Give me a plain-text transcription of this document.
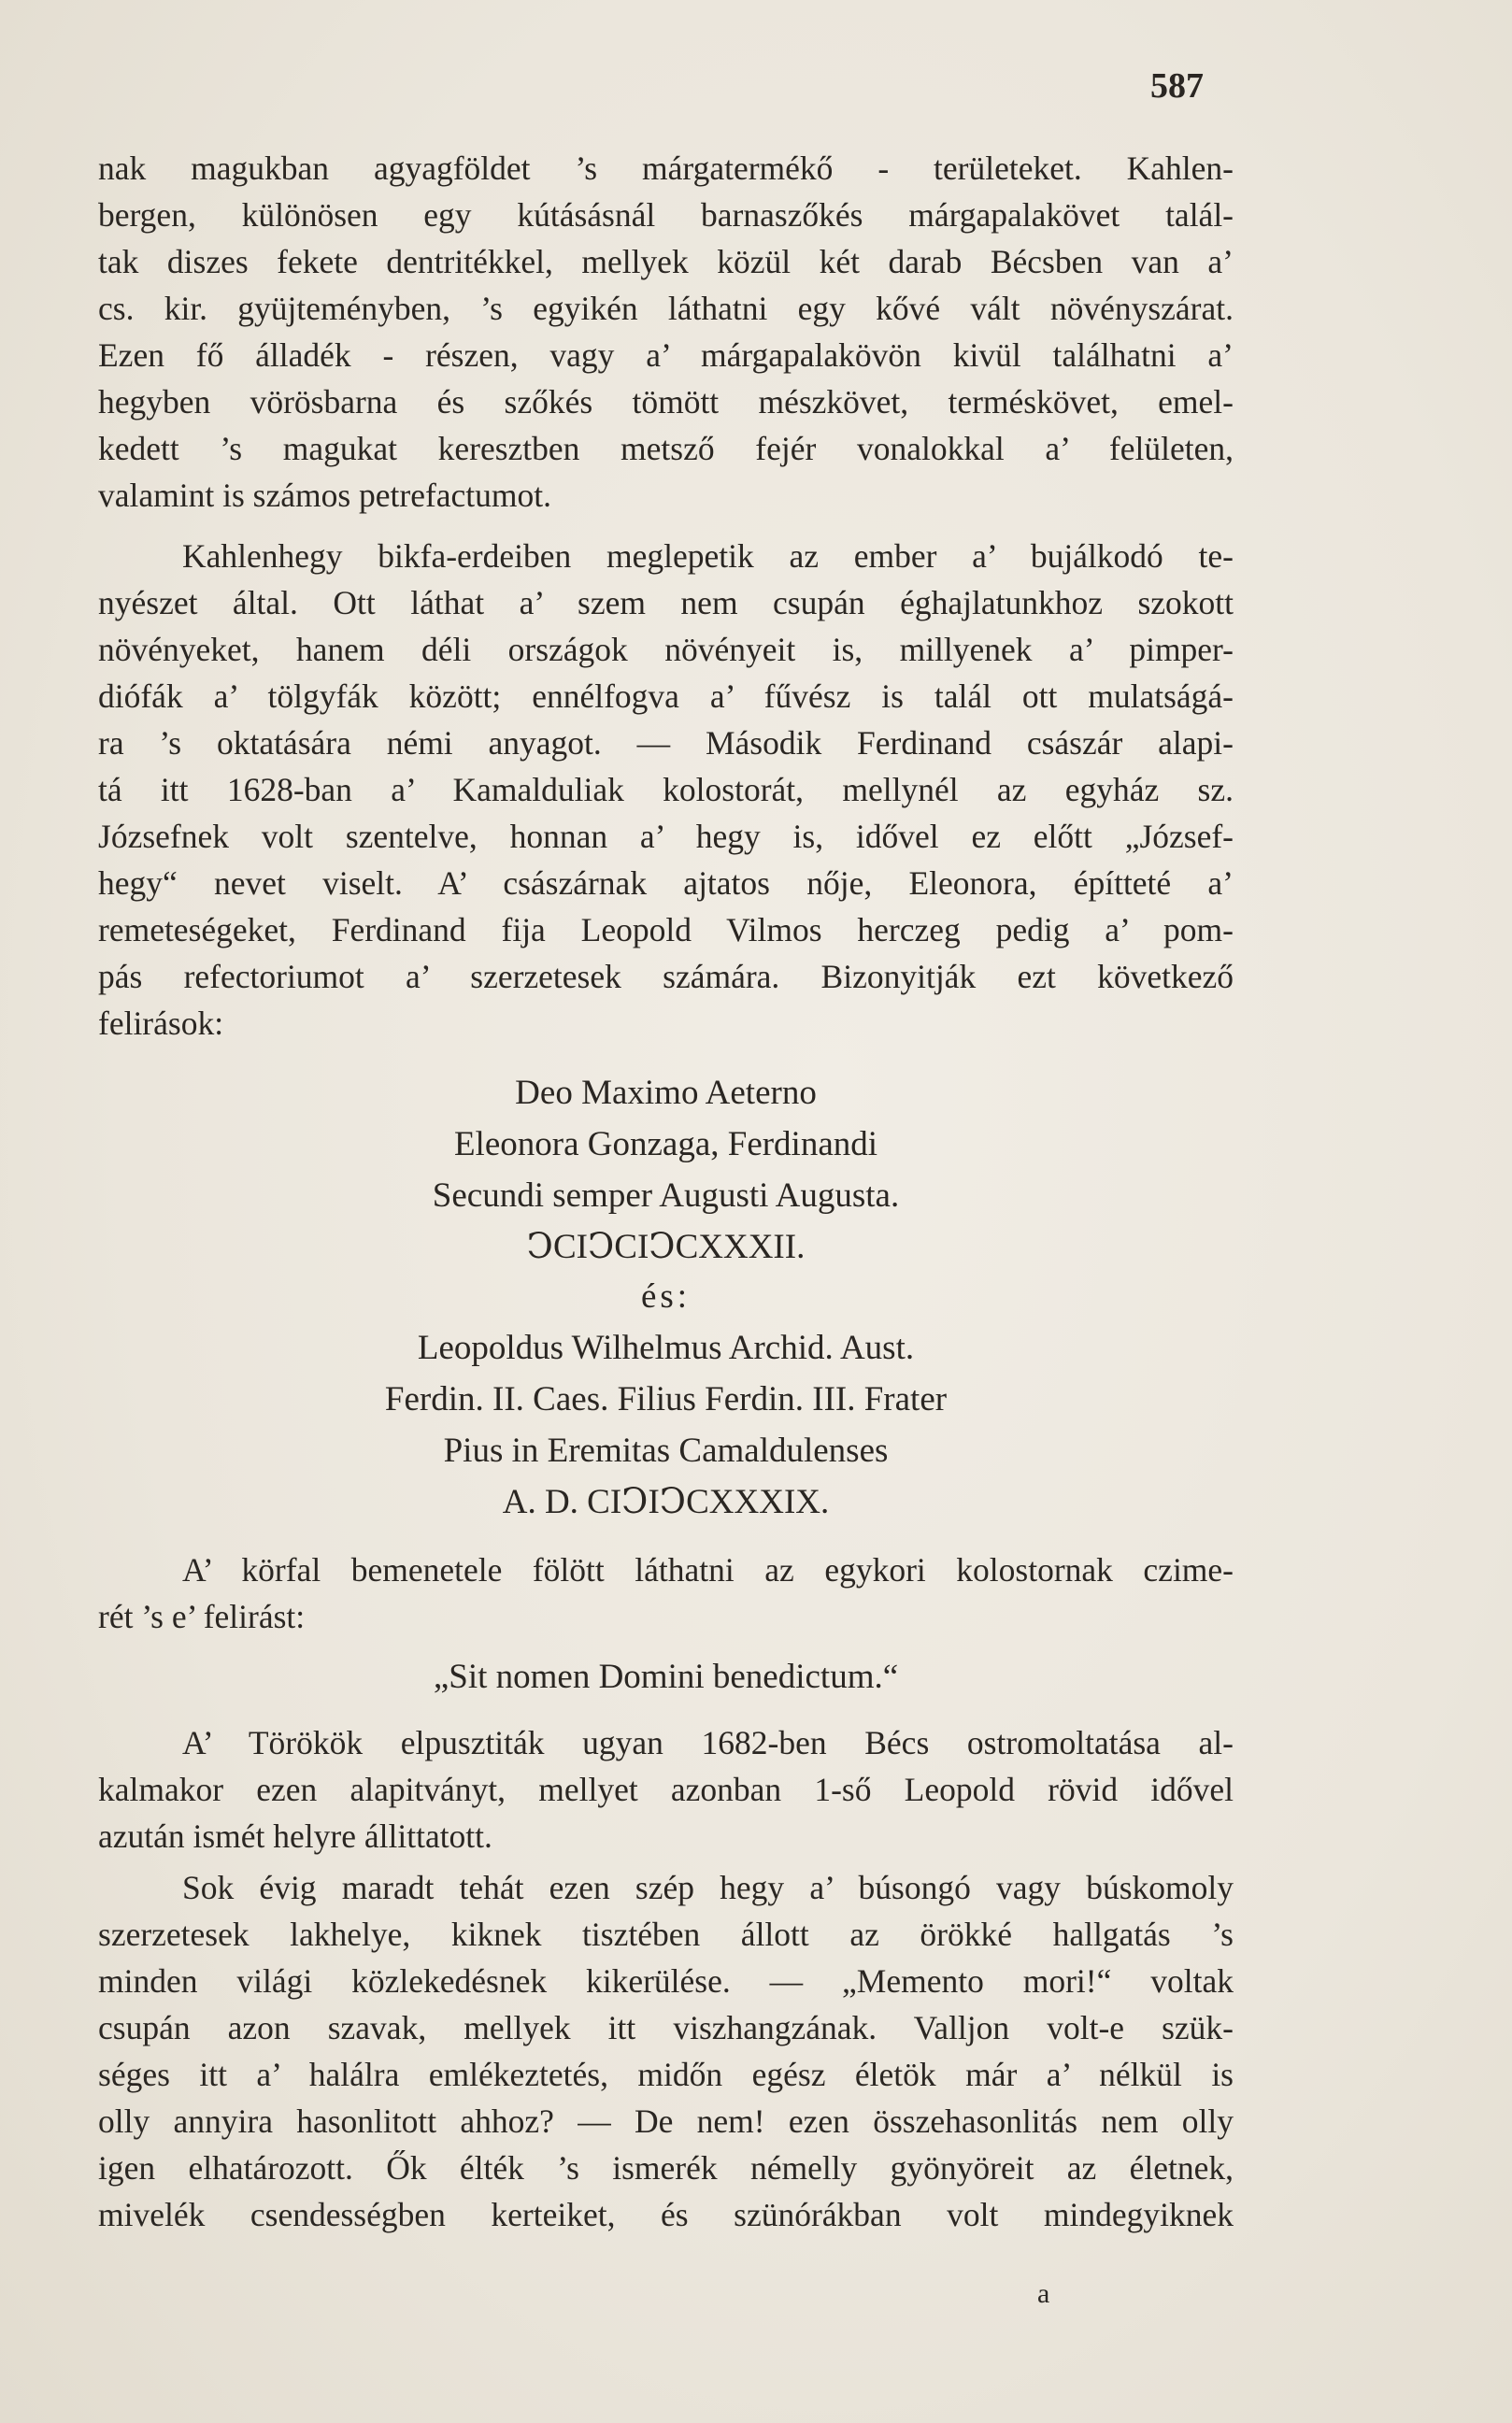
587
nak magukban agyagföldet ’s márgatermékő - területeket. Kahlen-
bergen, különösen egy kútásásnál barnaszőkés márgapalakövet talál-
tak diszes fekete dentritékkel, mellyek közül két darab Bécsben van a’
cs. kir. gyüjteményben, ’s egyikén láthatni egy kővé vált növényszárat.
Ezen fő álladék - részen, vagy a’ márgapalakövön kivül találhatni a’
hegyben vörösbarna és szőkés tömött mészkövet, terméskövet, emel-
kedett ’s magukat keresztben metsző fejér vonalokkal a’ felületen,
valamint is számos petrefactumot.
Kahlenhegy bikfa-erdeiben meglepetik az ember a’ bujálkodó te-
nyészet által. Ott láthat a’ szem nem csupán éghajlatunkhoz szokott
növényeket, hanem déli országok növényeit is, millyenek a’ pimper-
diófák a’ tölgyfák között; ennélfogva a’ fűvész is talál ott mulatságá-
ra ’s oktatására némi anyagot. — Második Ferdinand császár alapi-
tá itt 1628-ban a’ Kamalduliak kolostorát, mellynél az egyház sz.
Józsefnek volt szentelve, honnan a’ hegy is, idővel ez előtt „József-
hegy“ nevet viselt. A’ császárnak ajtatos nője, Eleonora, építteté a’
remeteségeket, Ferdinand fija Leopold Vilmos herczeg pedig a’ pom-
pás refectoriumot a’ szerzetesek számára. Bizonyitják ezt következő
felirások:
Deo Maximo Aeterno
Eleonora Gonzaga, Ferdinandi
Secundi semper Augusti Augusta.
ↃCIↃCIↃCXXXII.
és:
Leopoldus Wilhelmus Archid. Aust.
Ferdin. II. Caes. Filius Ferdin. III. Frater
Pius in Eremitas Camaldulenses
A. D. CIↃIↃCXXXIX.
A’ körfal bemenetele fölött láthatni az egykori kolostornak czime-
rét ’s e’ felirást:
„Sit nomen Domini benedictum.“
A’ Törökök elpusztiták ugyan 1682-ben Bécs ostromoltatása al-
kalmakor ezen alapitványt, mellyet azonban 1-ső Leopold rövid idővel
azután ismét helyre állittatott.
Sok évig maradt tehát ezen szép hegy a’ búsongó vagy búskomoly
szerzetesek lakhelye, kiknek tisztében állott az örökké hallgatás ’s
minden világi közlekedésnek kikerülése. — „Memento mori!“ voltak
csupán azon szavak, mellyek itt viszhangzának. Valljon volt-e szük-
séges itt a’ halálra emlékeztetés, midőn egész életök már a’ nélkül is
olly annyira hasonlitott ahhoz? — De nem! ezen összehasonlitás nem olly
igen elhatározott. Ők élték ’s ismerék némelly gyönyöreit az életnek,
mivelék csendességben kerteiket, és szünórákban volt mindegyiknek
a
